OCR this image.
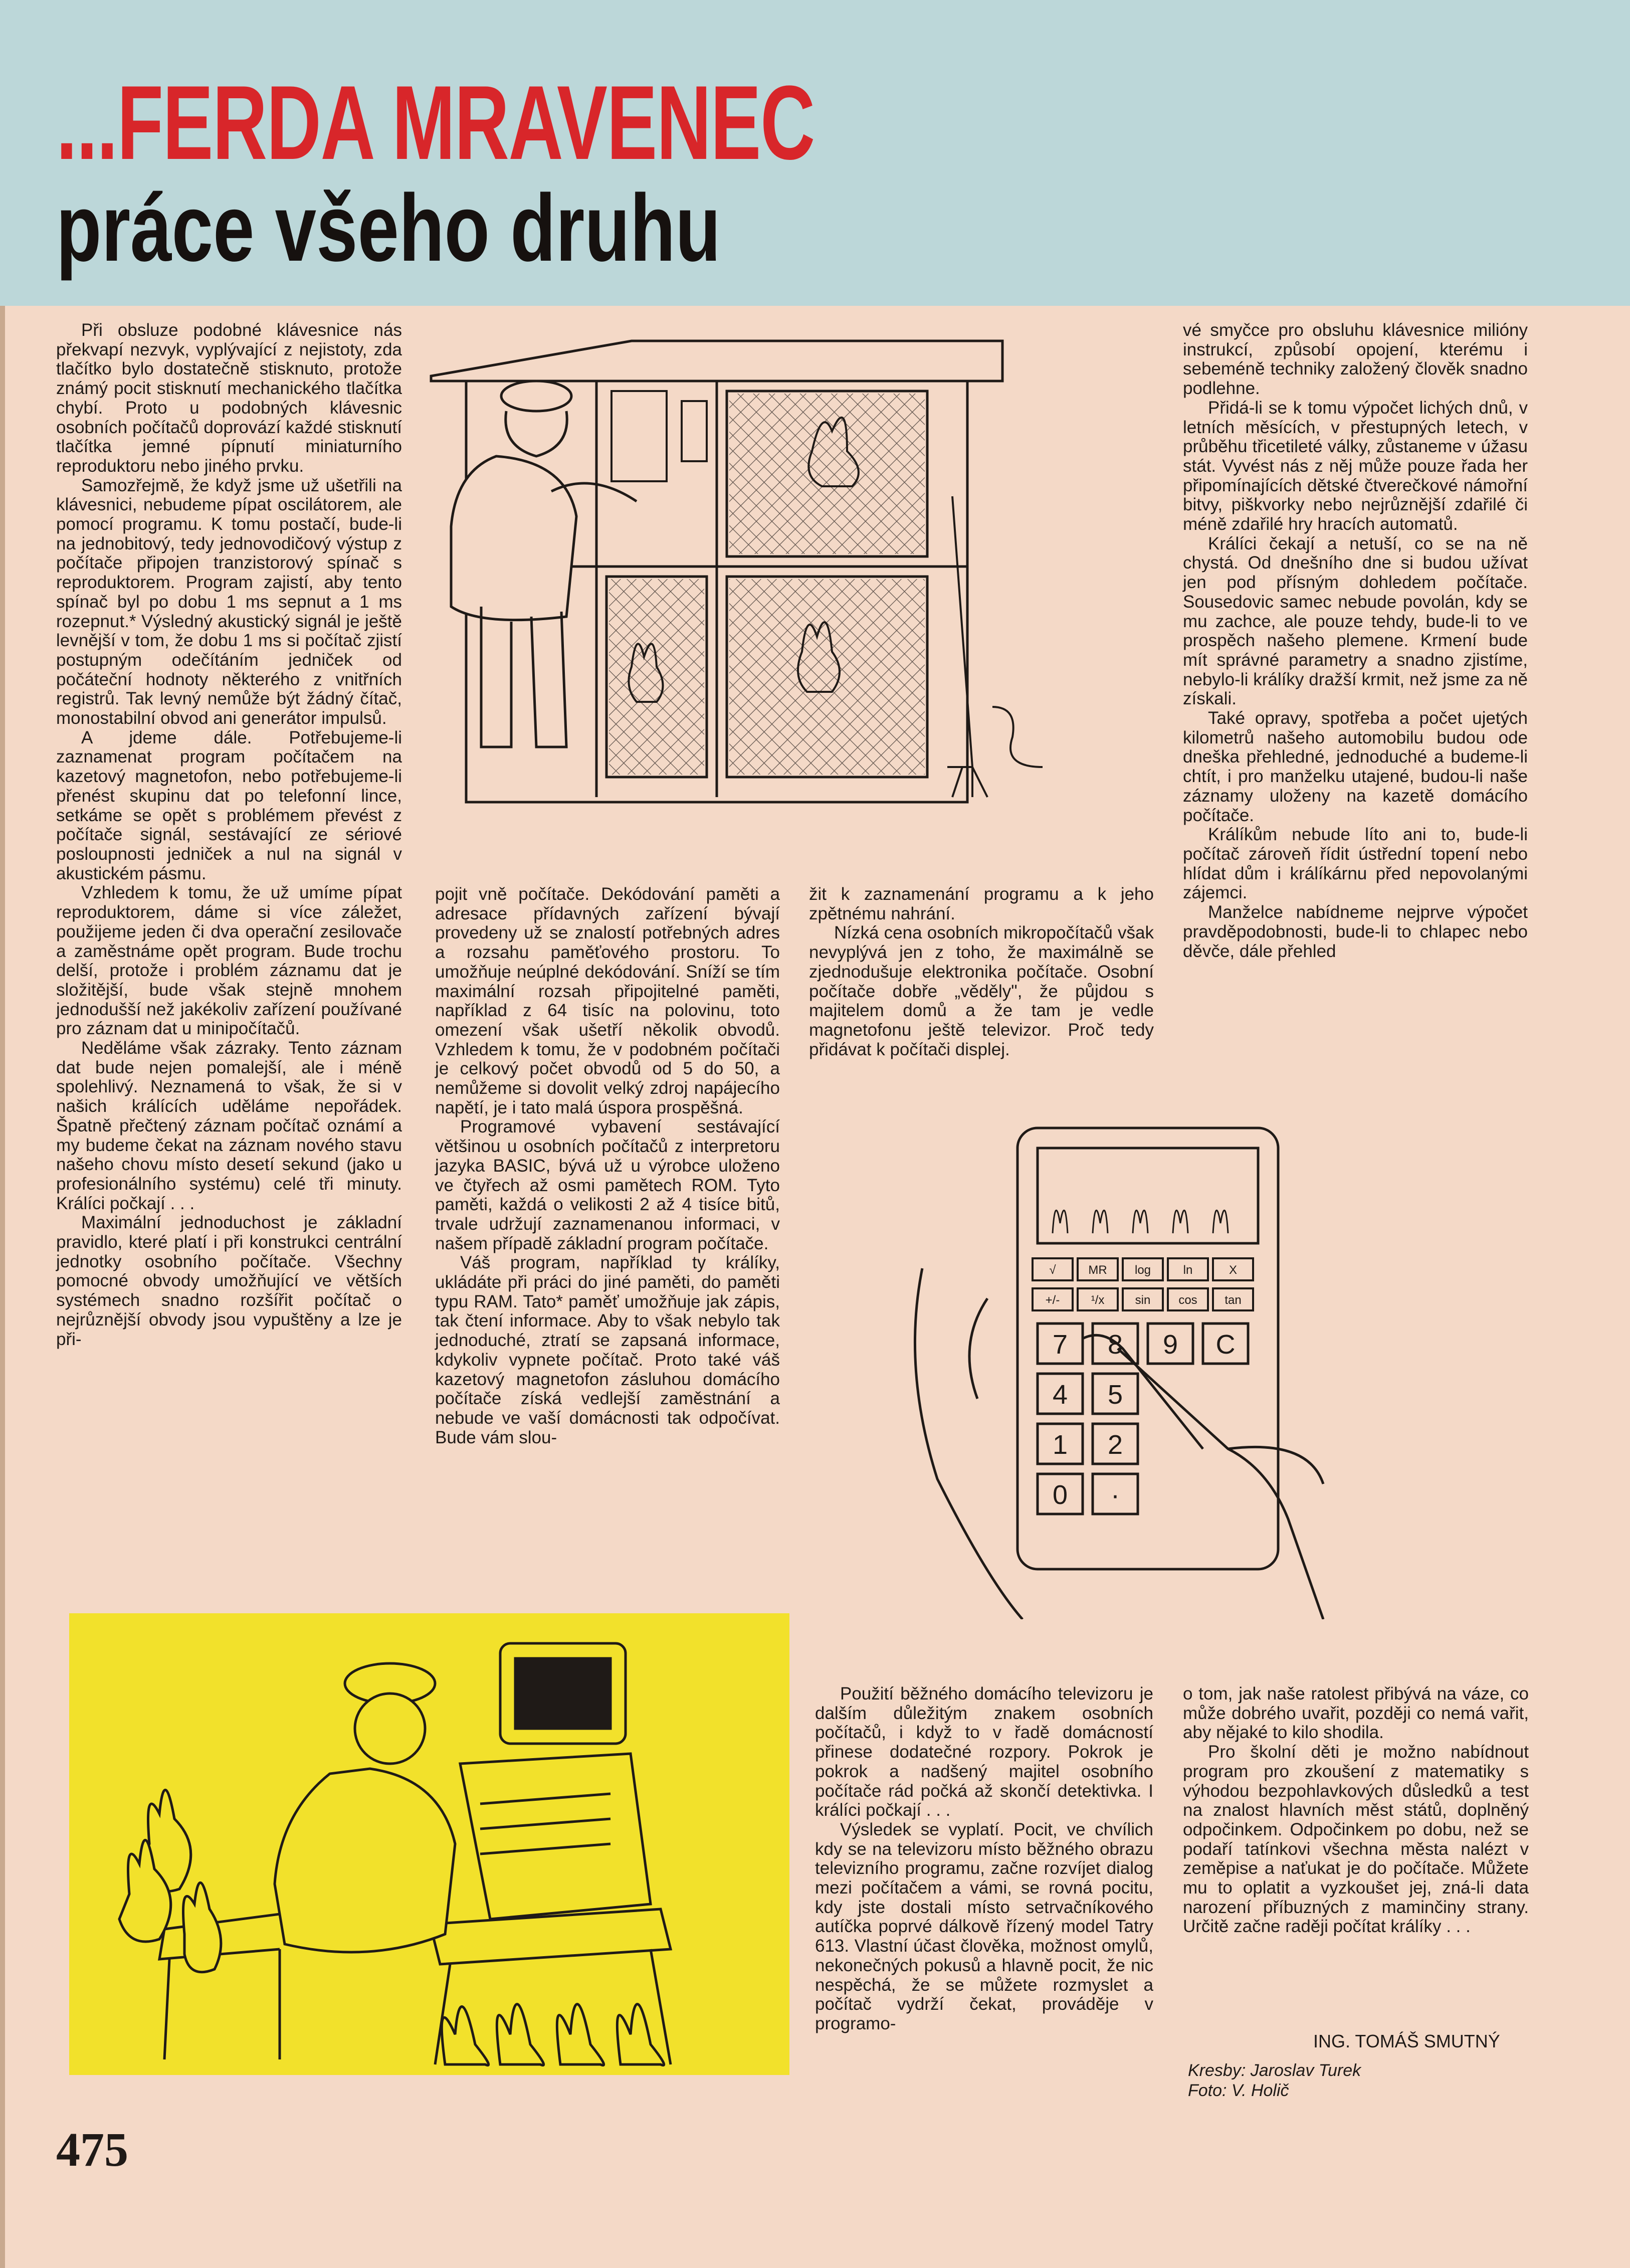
...FERDA MRAVENEC
práce všeho druhu

Při obsluze podobné klávesnice nás překvapí nezvyk, vyplývající z nejistoty, zda tlačítko bylo dostatečně stisknuto, protože známý pocit stisknutí mechanického tlačítka chybí. Proto u podobných klávesnic osobních počítačů doprovází každé stisknutí tlačítka jemné pípnutí miniaturního reproduktoru nebo jiného prvku.

Samozřejmě, že když jsme už ušetřili na klávesnici, nebudeme pípat oscilátorem, ale pomocí programu. K tomu postačí, bude-li na jednobitový, tedy jednovodičový výstup z počítače připojen tranzistorový spínač s reproduktorem. Program zajistí, aby tento spínač byl po dobu 1 ms sepnut a 1 ms rozepnut.* Výsledný akustický signál je ještě levnější v tom, že dobu 1 ms si počítač zjistí postupným odečítáním jedniček od počáteční hodnoty některého z vnitřních registrů. Tak levný nemůže být žádný čítač, monostabilní obvod ani generátor impulsů.

A jdeme dále. Potřebujeme-li zaznamenat program počítačem na kazetový magnetofon, nebo potřebujeme-li přenést skupinu dat po telefonní lince, setkáme se opět s problémem převést z počítače signál, sestávající ze sériové posloupnosti jedniček a nul na signál v akustickém pásmu.

Vzhledem k tomu, že už umíme pípat reproduktorem, dáme si více záležet, použijeme jeden či dva operační zesilovače a zaměstnáme opět program. Bude trochu delší, protože i problém záznamu dat je složitější, bude však stejně mnohem jednodušší než jakékoliv zařízení používané pro záznam dat u minipočítačů.

Neděláme však zázraky. Tento záznam dat bude nejen pomalejší, ale i méně spolehlivý. Neznamená to však, že si v našich králících uděláme nepořádek. Špatně přečtený záznam počítač oznámí a my budeme čekat na záznam nového stavu našeho chovu místo desetí sekund (jako u profesionálního systému) celé tři minuty. Králíci počkají . . .

Maximální jednoduchost je základní pravidlo, které platí i při konstrukci centrální jednotky osobního počítače. Všechny pomocné obvody umožňující ve větších systémech snadno rozšířit počítač o nejrůznější obvody jsou vypuštěny a lze je při-

pojit vně počítače. Dekódování paměti a adresace přídavných zařízení bývají provedeny už se znalostí potřebných adres a rozsahu paměťového prostoru. To umožňuje neúplné dekódování. Sníží se tím maximální rozsah připojitelné paměti, například z 64 tisíc na polovinu, toto omezení však ušetří několik obvodů. Vzhledem k tomu, že v podobném počítači je celkový počet obvodů od 5 do 50, a nemůžeme si dovolit velký zdroj napájecího napětí, je i tato malá úspora prospěšná.

Programové vybavení sestávající většinou u osobních počítačů z interpretoru jazyka BASIC, bývá už u výrobce uloženo ve čtyřech až osmi pamětech ROM. Tyto paměti, každá o velikosti 2 až 4 tisíce bitů, trvale udržují zaznamenanou informaci, v našem případě základní program počítače.

Váš program, například ty králíky, ukládáte při práci do jiné paměti, do paměti typu RAM. Tato* paměť umožňuje jak zápis, tak čtení informace. Aby to však nebylo tak jednoduché, ztratí se zapsaná informace, kdykoliv vypnete počítač. Proto také váš kazetový magnetofon zásluhou domácího počítače získá vedlejší zaměstnání a nebude ve vaší domácnosti tak odpočívat. Bude vám slou-

žit k zaznamenání programu a k jeho zpětnému nahrání.

Nízká cena osobních mikropočítačů však nevyplývá jen z toho, že maximálně se zjednodušuje elektronika počítače. Osobní počítače dobře „věděly", že půjdou s majitelem domů a že tam je vedle magnetofonu ještě televizor. Proč tedy přidávat k počítači displej.

vé smyčce pro obsluhu klávesnice milióny instrukcí, způsobí opojení, kterému i sebeméně techniky založený člověk snadno podlehne.

Přidá-li se k tomu výpočet lichých dnů, v letních měsících, v přestupných letech, v průběhu třicetileté války, zůstaneme v úžasu stát. Vyvést nás z něj může pouze řada her připomínajících dětské čtverečkové námořní bitvy, piškvorky nebo nejrůznější zdařilé či méně zdařilé hry hracích automatů.

Králíci čekají a netuší, co se na ně chystá. Od dnešního dne si budou užívat jen pod přísným dohledem počítače. Sousedovic samec nebude povolán, kdy se mu zachce, ale pouze tehdy, bude-li to ve prospěch našeho plemene. Krmení bude mít správné parametry a snadno zjistíme, nebylo-li králíky dražší krmit, než jsme za ně získali.

Také opravy, spotřeba a počet ujetých kilometrů našeho automobilu budou ode dneška přehledné, jednoduché a budeme-li chtít, i pro manželku utajené, budou-li naše záznamy uloženy na kazetě domácího počítače.

Králíkům nebude líto ani to, bude-li počítač zároveň řídit ústřední topení nebo hlídat dům i králíkárnu před nepovolanými zájemci.

Manželce nabídneme nejprve výpočet pravděpodobnosti, bude-li to chlapec nebo děvče, dále přehled

Použití běžného domácího televizoru je dalším důležitým znakem osobních počítačů, i když to v řadě domácností přinese dodatečné rozpory. Pokrok je pokrok a nadšený majitel osobního počítače rád počká až skončí detektivka. I králíci počkají . . .

Výsledek se vyplatí. Pocit, ve chvílich kdy se na televizoru místo běžného obrazu televizního programu, začne rozvíjet dialog mezi počítačem a vámi, se rovná pocitu, kdy jste dostali místo setrvačníkového autíčka poprvé dálkově řízený model Tatry 613. Vlastní účast člověka, možnost omylů, nekonečných pokusů a hlavně pocit, že nic nespěchá, že se můžete rozmyslet a počítač vydrží čekat, prováděje v programo-

o tom, jak naše ratolest přibývá na váze, co může dobrého uvařit, později co nemá vařit, aby nějaké to kilo shodila.

Pro školní děti je možno nabídnout program pro zkoušení z matematiky s výhodou bezpohlavkových důsledků a test na znalost hlavních měst států, doplněný odpočinkem. Odpočinkem po dobu, než se podaří tatínkovi všechna města nalézt v zeměpise a naťukat je do počítače. Můžete mu to oplatit a vyzkoušet jej, zná-li data narození příbuzných z maminčiny strany. Určitě začne raději počítat králíky . . .

ING. TOMÁŠ SMUTNÝ
Kresby: Jaroslav Turek
Foto: V. Holič
475
√	MR log	ln	X
+/-	¹/x	sin cos tan
7 8 9 C
4 5
1 2
0 ·
